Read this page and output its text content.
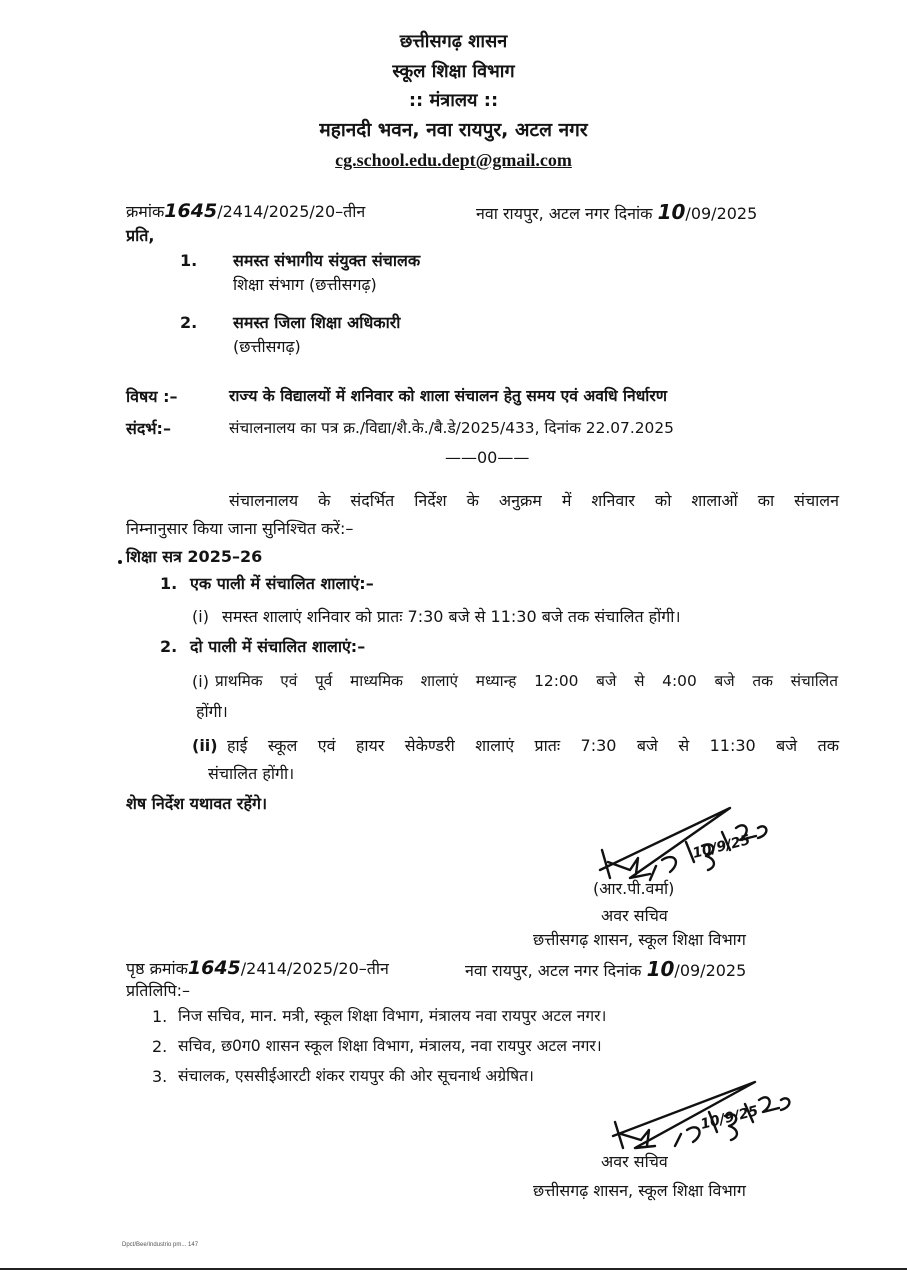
छत्तीसगढ़ शासन
स्कूल शिक्षा विभाग
:: मंत्रालय ::
महानदी भवन, नवा रायपुर, अटल नगर
cg.school.edu.dept@gmail.com
क्रमांक1645/2414/2025/20–तीन	नवा रायपुर, अटल नगर दिनांक 10/09/2025
प्रति,
1. समस्त संभागीय संयुक्त संचालक
शिक्षा संभाग (छत्तीसगढ़)
2. समस्त जिला शिक्षा अधिकारी
(छत्तीसगढ़)
विषय :–	राज्य के विद्यालयों में शनिवार को शाला संचालन हेतु समय एवं अवधि निर्धारण
संदर्भ:–	संचालनालय का पत्र क्र./विद्या/शै.के./बै.डे/2025/433, दिनांक 22.07.2025
——00——
संचालनालय के संदर्भित निर्देश के अनुक्रम में शनिवार को शालाओं का संचालन
निम्नानुसार किया जाना सुनिश्चित करें:–
शिक्षा सत्र 2025–26
1. एक पाली में संचालित शालाएं:–
(i) समस्त शालाएं शनिवार को प्रातः 7:30 बजे से 11:30 बजे तक संचालित होंगी।
2. दो पाली में संचालित शालाएं:–
(i) प्राथमिक एवं पूर्व माध्यमिक शालाएं मध्यान्ह 12:00 बजे से 4:00 बजे तक संचालित
होंगी।
(ii) हाई स्कूल एवं हायर सेकेण्डरी शालाएं प्रातः 7:30 बजे से 11:30 बजे तक
संचालित होंगी।
शेष निर्देश यथावत रहेंगे।
10/9/25
(आर.पी.वर्मा)
अवर सचिव
छत्तीसगढ़ शासन, स्कूल शिक्षा विभाग
पृष्ठ क्रमांक1645/2414/2025/20–तीन	नवा रायपुर, अटल नगर दिनांक 10/09/2025
प्रतिलिपि:–
1. निज सचिव, मान. मत्री, स्कूल शिक्षा विभाग, मंत्रालय नवा रायपुर अटल नगर।
2. सचिव, छ0ग0 शासन स्कूल शिक्षा विभाग, मंत्रालय, नवा रायपुर अटल नगर।
3. संचालक, एससीईआरटी शंकर रायपुर की ओर सूचनार्थ अग्रेषित।
10/9/25
अवर सचिव
छत्तीसगढ़ शासन, स्कूल शिक्षा विभाग
Dpct/Bee/Industrio pm... 147
